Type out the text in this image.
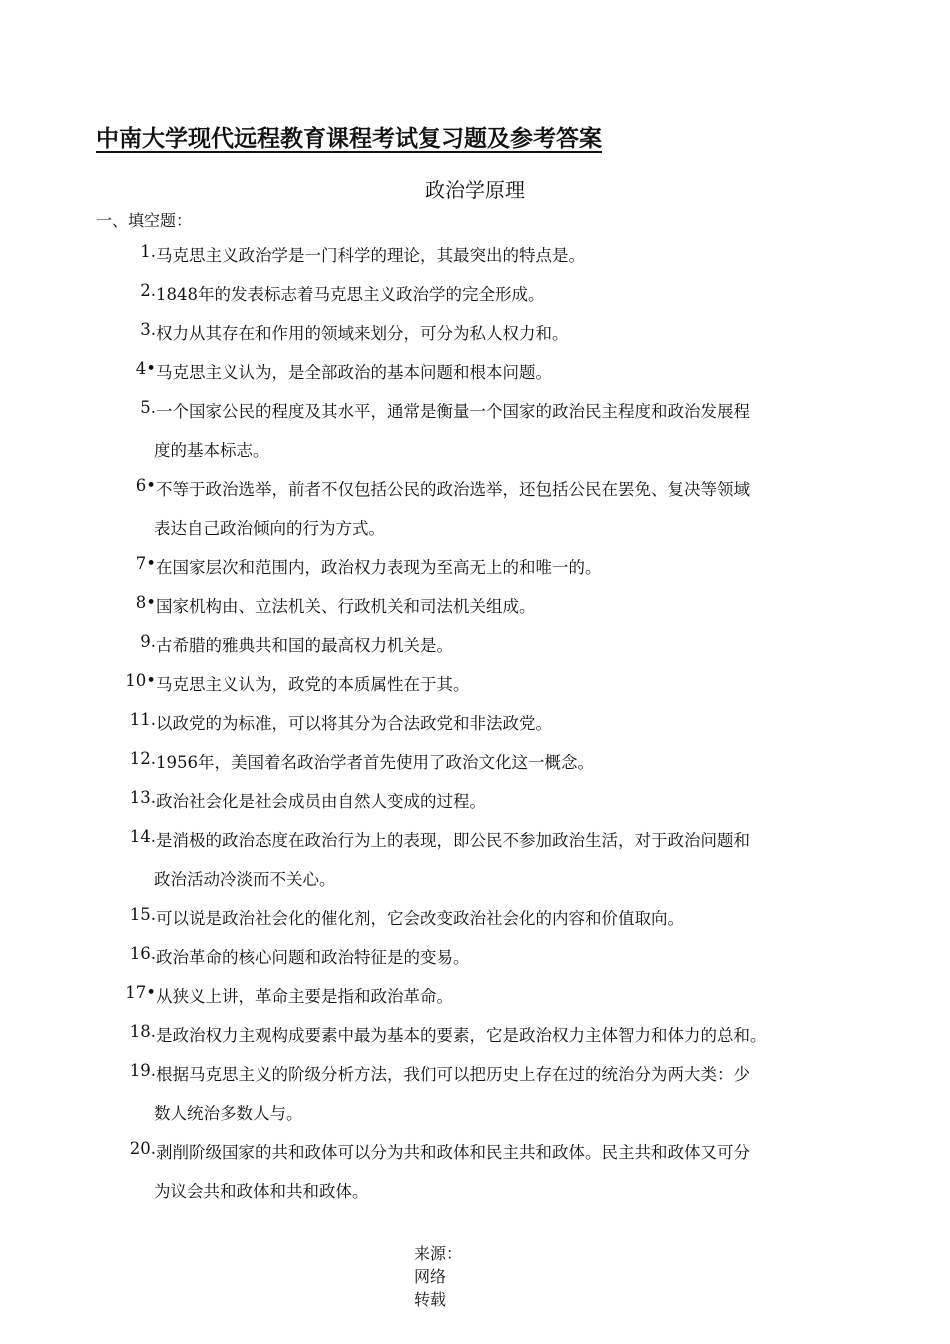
中南大学现代远程教育课程考试复习题及参考答案
政治学原理
一、填空题：
1. 马克思主义政治学是一门科学的理论，其最突出的特点是。
2. 1848年的发表标志着马克思主义政治学的完全形成。
3. 权力从其存在和作用的领域来划分，可分为私人权力和。
4• 马克思主义认为，是全部政治的基本问题和根本问题。
5. 一个国家公民的程度及其水平，通常是衡量一个国家的政治民主程度和政治发展程
度的基本标志。
6• 不等于政治选举，前者不仅包括公民的政治选举，还包括公民在罢免、复决等领域
表达自己政治倾向的行为方式。
7• 在国家层次和范围内，政治权力表现为至高无上的和唯一的。
8• 国家机构由、立法机关、行政机关和司法机关组成。
9. 古希腊的雅典共和国的最高权力机关是。
10• 马克思主义认为，政党的本质属性在于其。
11. 以政党的为标准，可以将其分为合法政党和非法政党。
12. 1956年，美国着名政治学者首先使用了政治文化这一概念。
13. 政治社会化是社会成员由自然人变成的过程。
14. 是消极的政治态度在政治行为上的表现，即公民不参加政治生活，对于政治问题和
政治活动冷淡而不关心。
15. 可以说是政治社会化的催化剂，它会改变政治社会化的内容和价值取向。
16. 政治革命的核心问题和政治特征是的变易。
17• 从狭义上讲，革命主要是指和政治革命。
18. 是政治权力主观构成要素中最为基本的要素，它是政治权力主体智力和体力的总和。
19. 根据马克思主义的阶级分析方法，我们可以把历史上存在过的统治分为两大类：少
数人统治多数人与。
20. 剥削阶级国家的共和政体可以分为共和政体和民主共和政体。民主共和政体又可分
为议会共和政体和共和政体。
来源：
网络
转载
